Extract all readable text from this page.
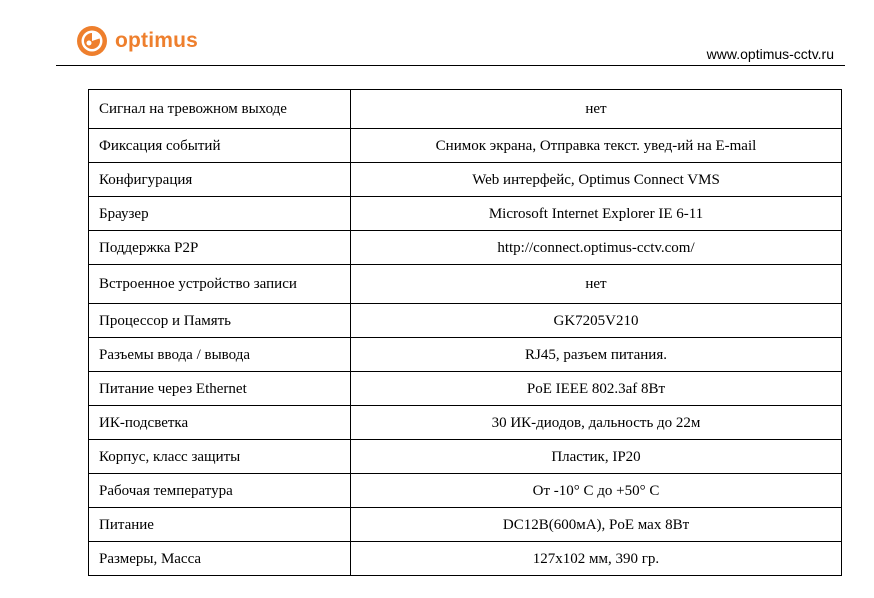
optimus
www.optimus-cctv.ru
Сигнал на тревожном выходе	нет
Фиксация событий	Снимок экрана, Отправка текст. увед-ий на E-mail
Конфигурация	Web интерфейс, Optimus Connect VMS
Браузер	Microsoft Internet Explorer IE 6-11
Поддержка P2P	http://connect.optimus-cctv.com/
Встроенное устройство записи	нет
Процессор и Память	GK7205V210
Разъемы ввода / вывода	RJ45, разъем питания.
Питание через Ethernet	PoE IEEE 802.3af 8Вт
ИК-подсветка	30 ИК-диодов, дальность до 22м
Корпус, класс защиты	Пластик, IP20
Рабочая температура	От -10° С до +50° С
Питание	DC12В(600мА), PoE мах 8Вт
Размеры, Масса	127x102 мм, 390 гр.
